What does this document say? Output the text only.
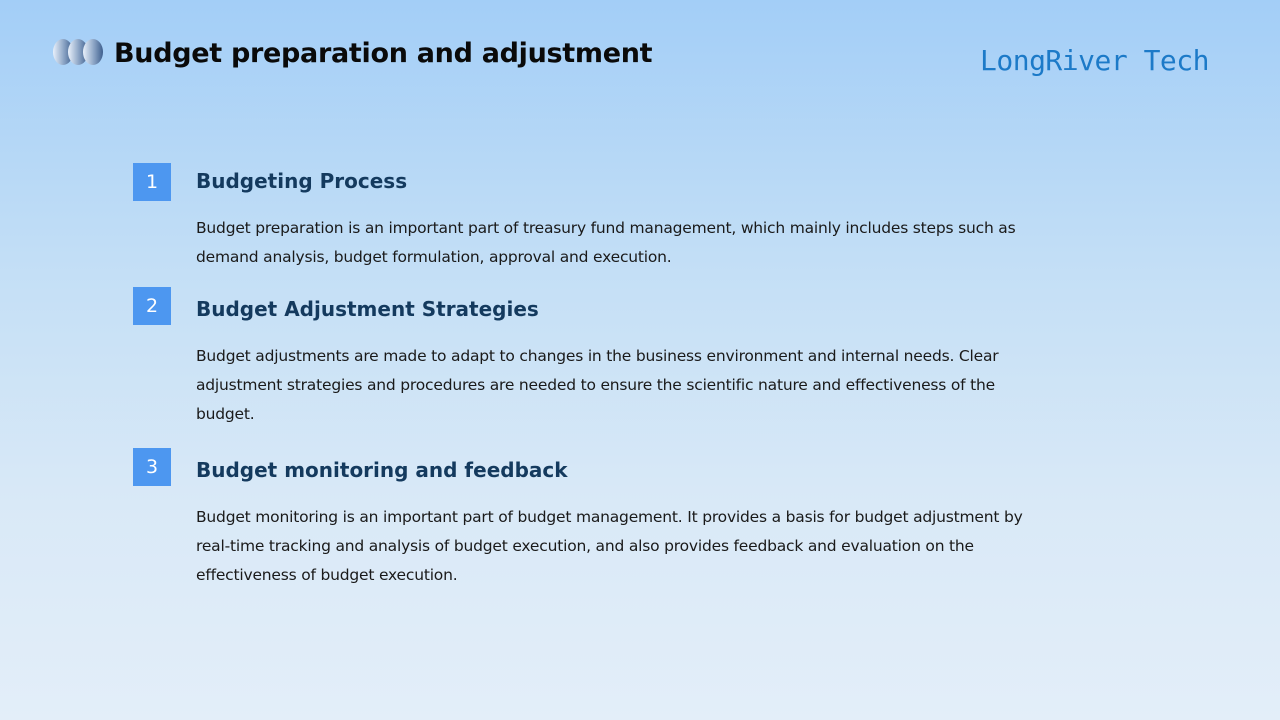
Budget preparation and adjustment	LongRiver Tech
1	Budgeting Process
Budget preparation is an important part of treasury fund management, which mainly includes steps such as demand analysis, budget formulation, approval and execution.
2	Budget Adjustment Strategies
Budget adjustments are made to adapt to changes in the business environment and internal needs. Clear adjustment strategies and procedures are needed to ensure the scientific nature and effectiveness of the budget.
3	Budget monitoring and feedback
Budget monitoring is an important part of budget management. It provides a basis for budget adjustment by real-time tracking and analysis of budget execution, and also provides feedback and evaluation on the effectiveness of budget execution.
